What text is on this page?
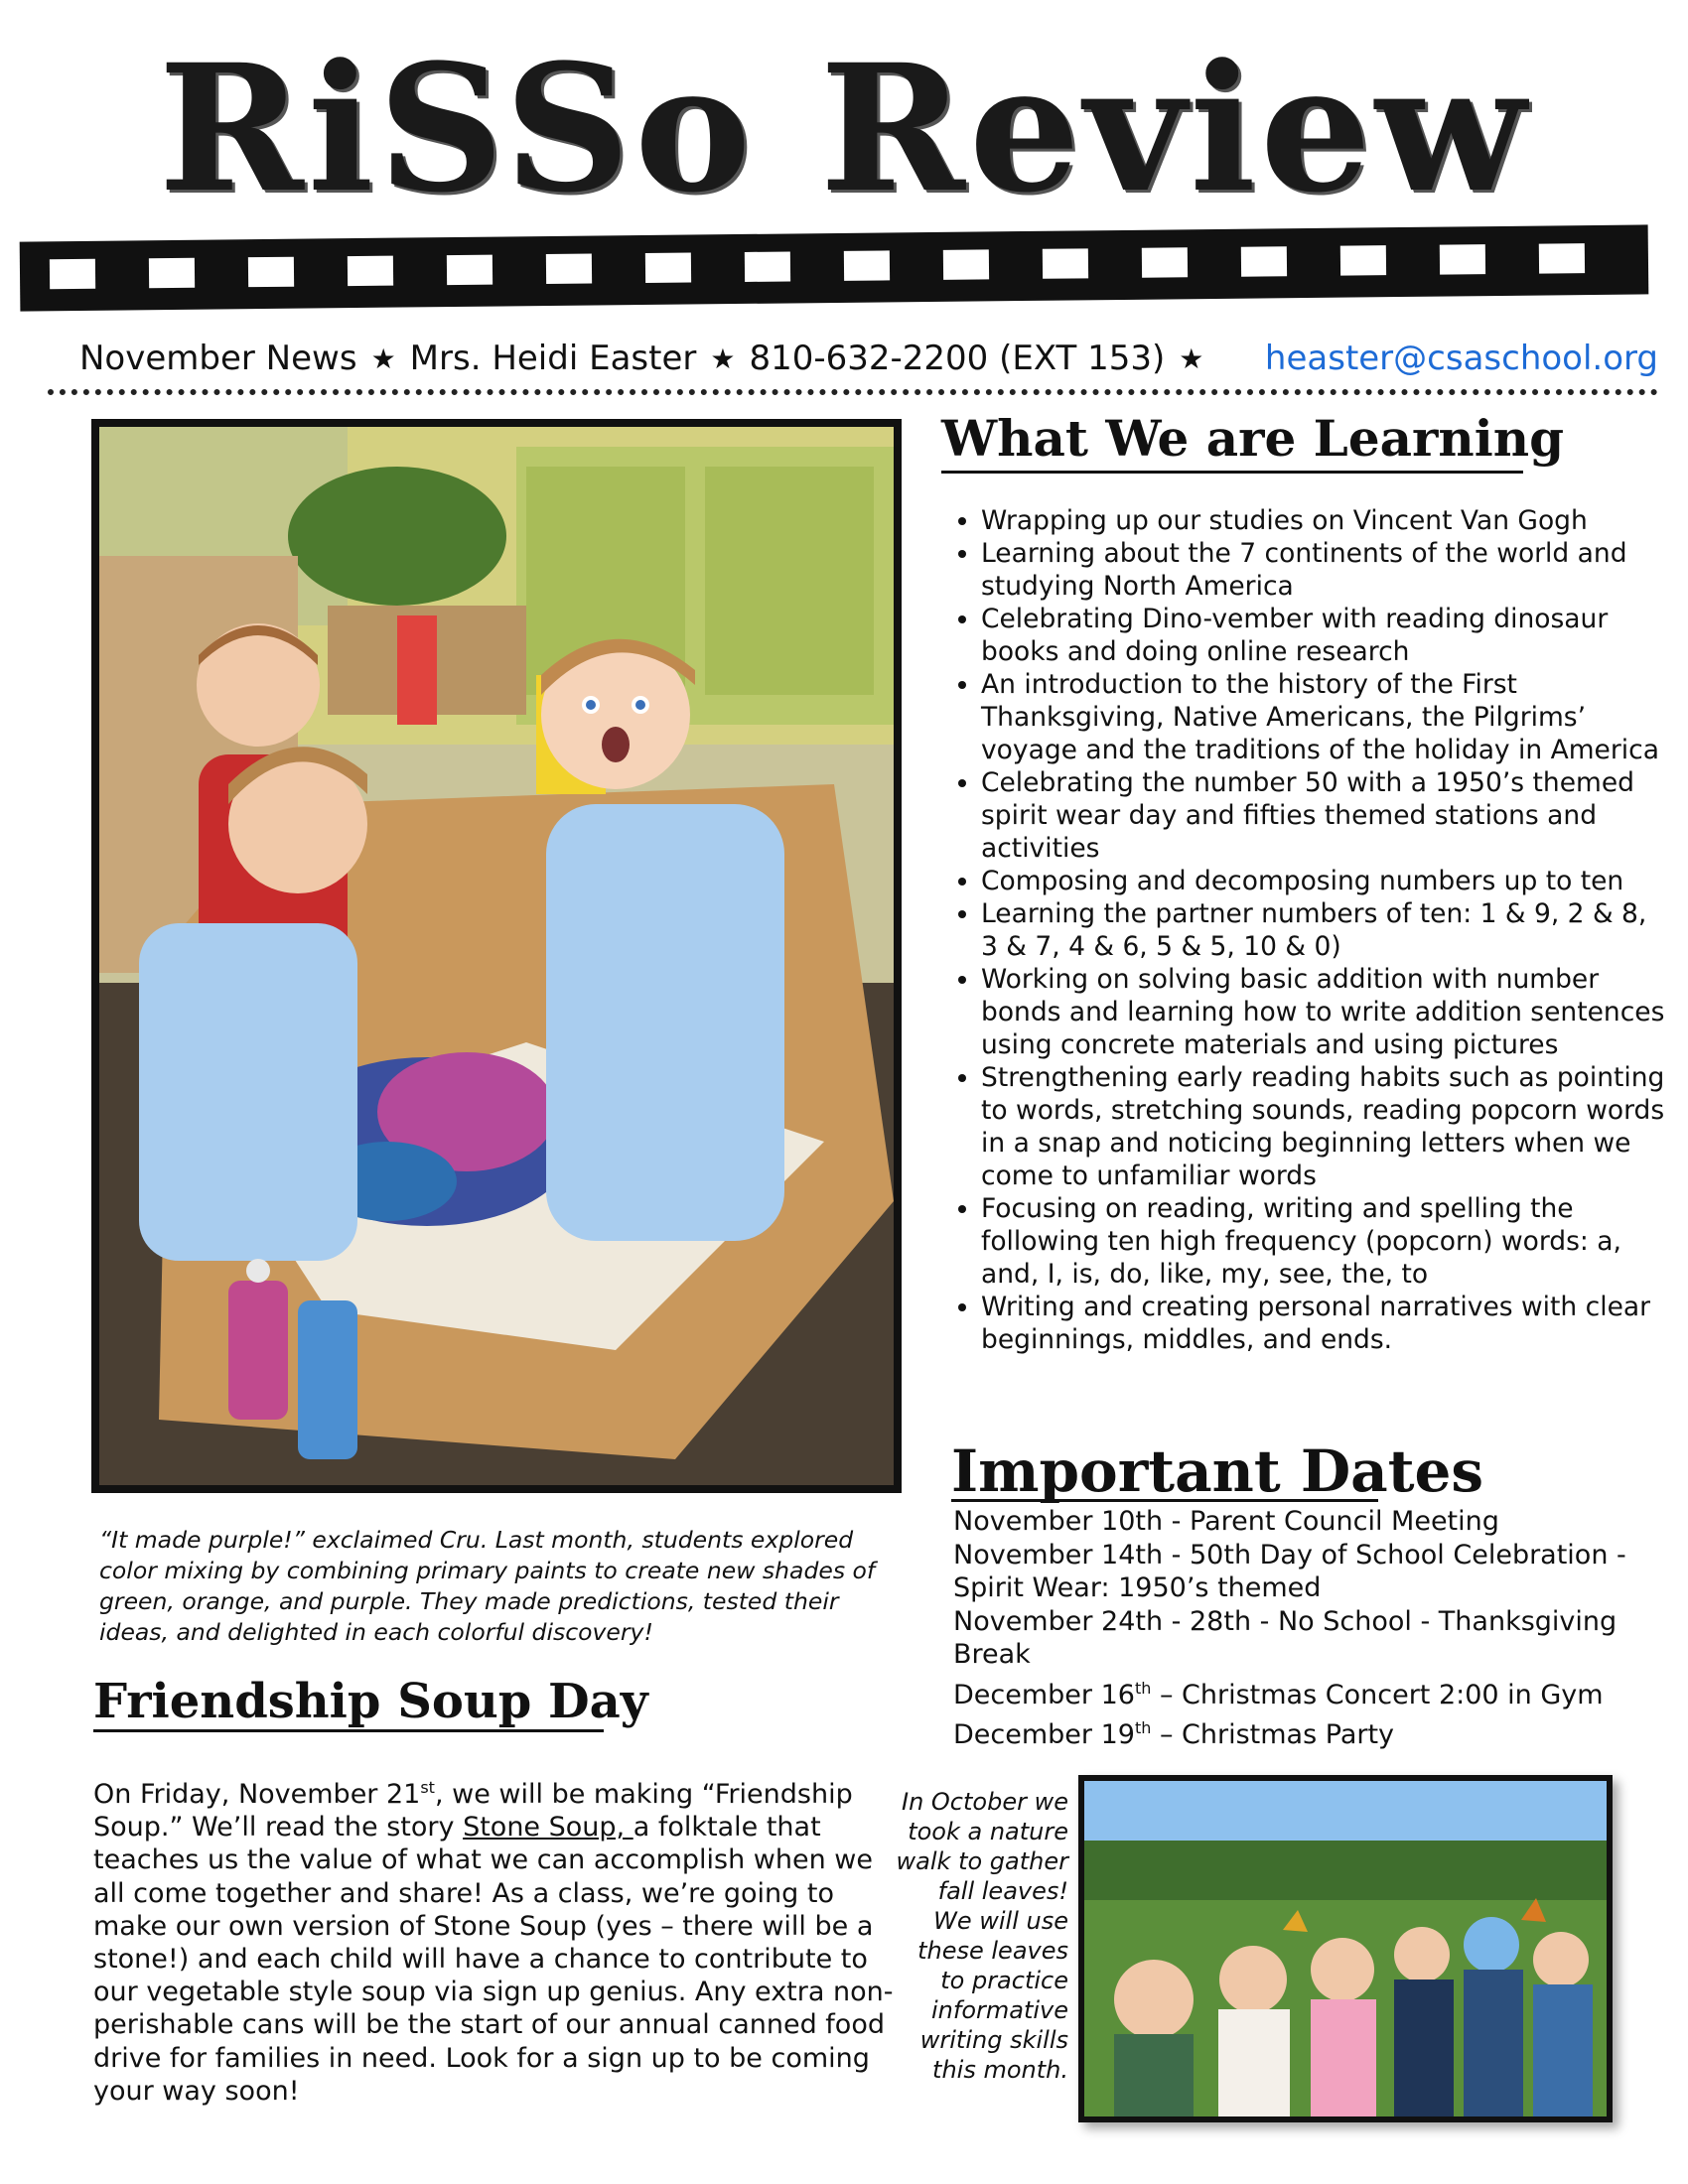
RiSSo Review
November News ★ Mrs. Heidi Easter ★ 810-632-2200 (EXT 153) ★ heaster@csaschool.org
“It made purple!” exclaimed Cru. Last month, students explored color mixing by combining primary paints to create new shades of green, orange, and purple. They made predictions, tested their ideas, and delighted in each colorful discovery!
What We are Learning
• Wrapping up our studies on Vincent Van Gogh
• Learning about the 7 continents of the world and studying North America
• Celebrating Dino-vember with reading dinosaur books and doing online research
• An introduction to the history of the First Thanksgiving, Native Americans, the Pilgrims’ voyage and the traditions of the holiday in America
• Celebrating the number 50 with a 1950’s themed spirit wear day and fifties themed stations and activities
• Composing and decomposing numbers up to ten
• Learning the partner numbers of ten: 1 & 9, 2 & 8, 3 & 7, 4 & 6, 5 & 5, 10 & 0)
• Working on solving basic addition with number bonds and learning how to write addition sentences using concrete materials and using pictures
• Strengthening early reading habits such as pointing to words, stretching sounds, reading popcorn words in a snap and noticing beginning letters when we come to unfamiliar words
• Focusing on reading, writing and spelling the following ten high frequency (popcorn) words: a, and, I, is, do, like, my, see, the, to
• Writing and creating personal narratives with clear beginnings, middles, and ends.
Important Dates
November 10th - Parent Council Meeting
November 14th - 50th Day of School Celebration - Spirit Wear: 1950’s themed
November 24th - 28th - No School - Thanksgiving Break
December 16th – Christmas Concert 2:00 in Gym
December 19th – Christmas Party
Friendship Soup Day
On Friday, November 21st, we will be making “Friendship Soup.” We’ll read the story Stone Soup, a folktale that teaches us the value of what we can accomplish when we all come together and share! As a class, we’re going to make our own version of Stone Soup (yes – there will be a stone!) and each child will have a chance to contribute to our vegetable style soup via sign up genius. Any extra non-perishable cans will be the start of our annual canned food drive for families in need. Look for a sign up to be coming your way soon!
In October we took a nature walk to gather fall leaves! We will use these leaves to practice informative writing skills this month.
